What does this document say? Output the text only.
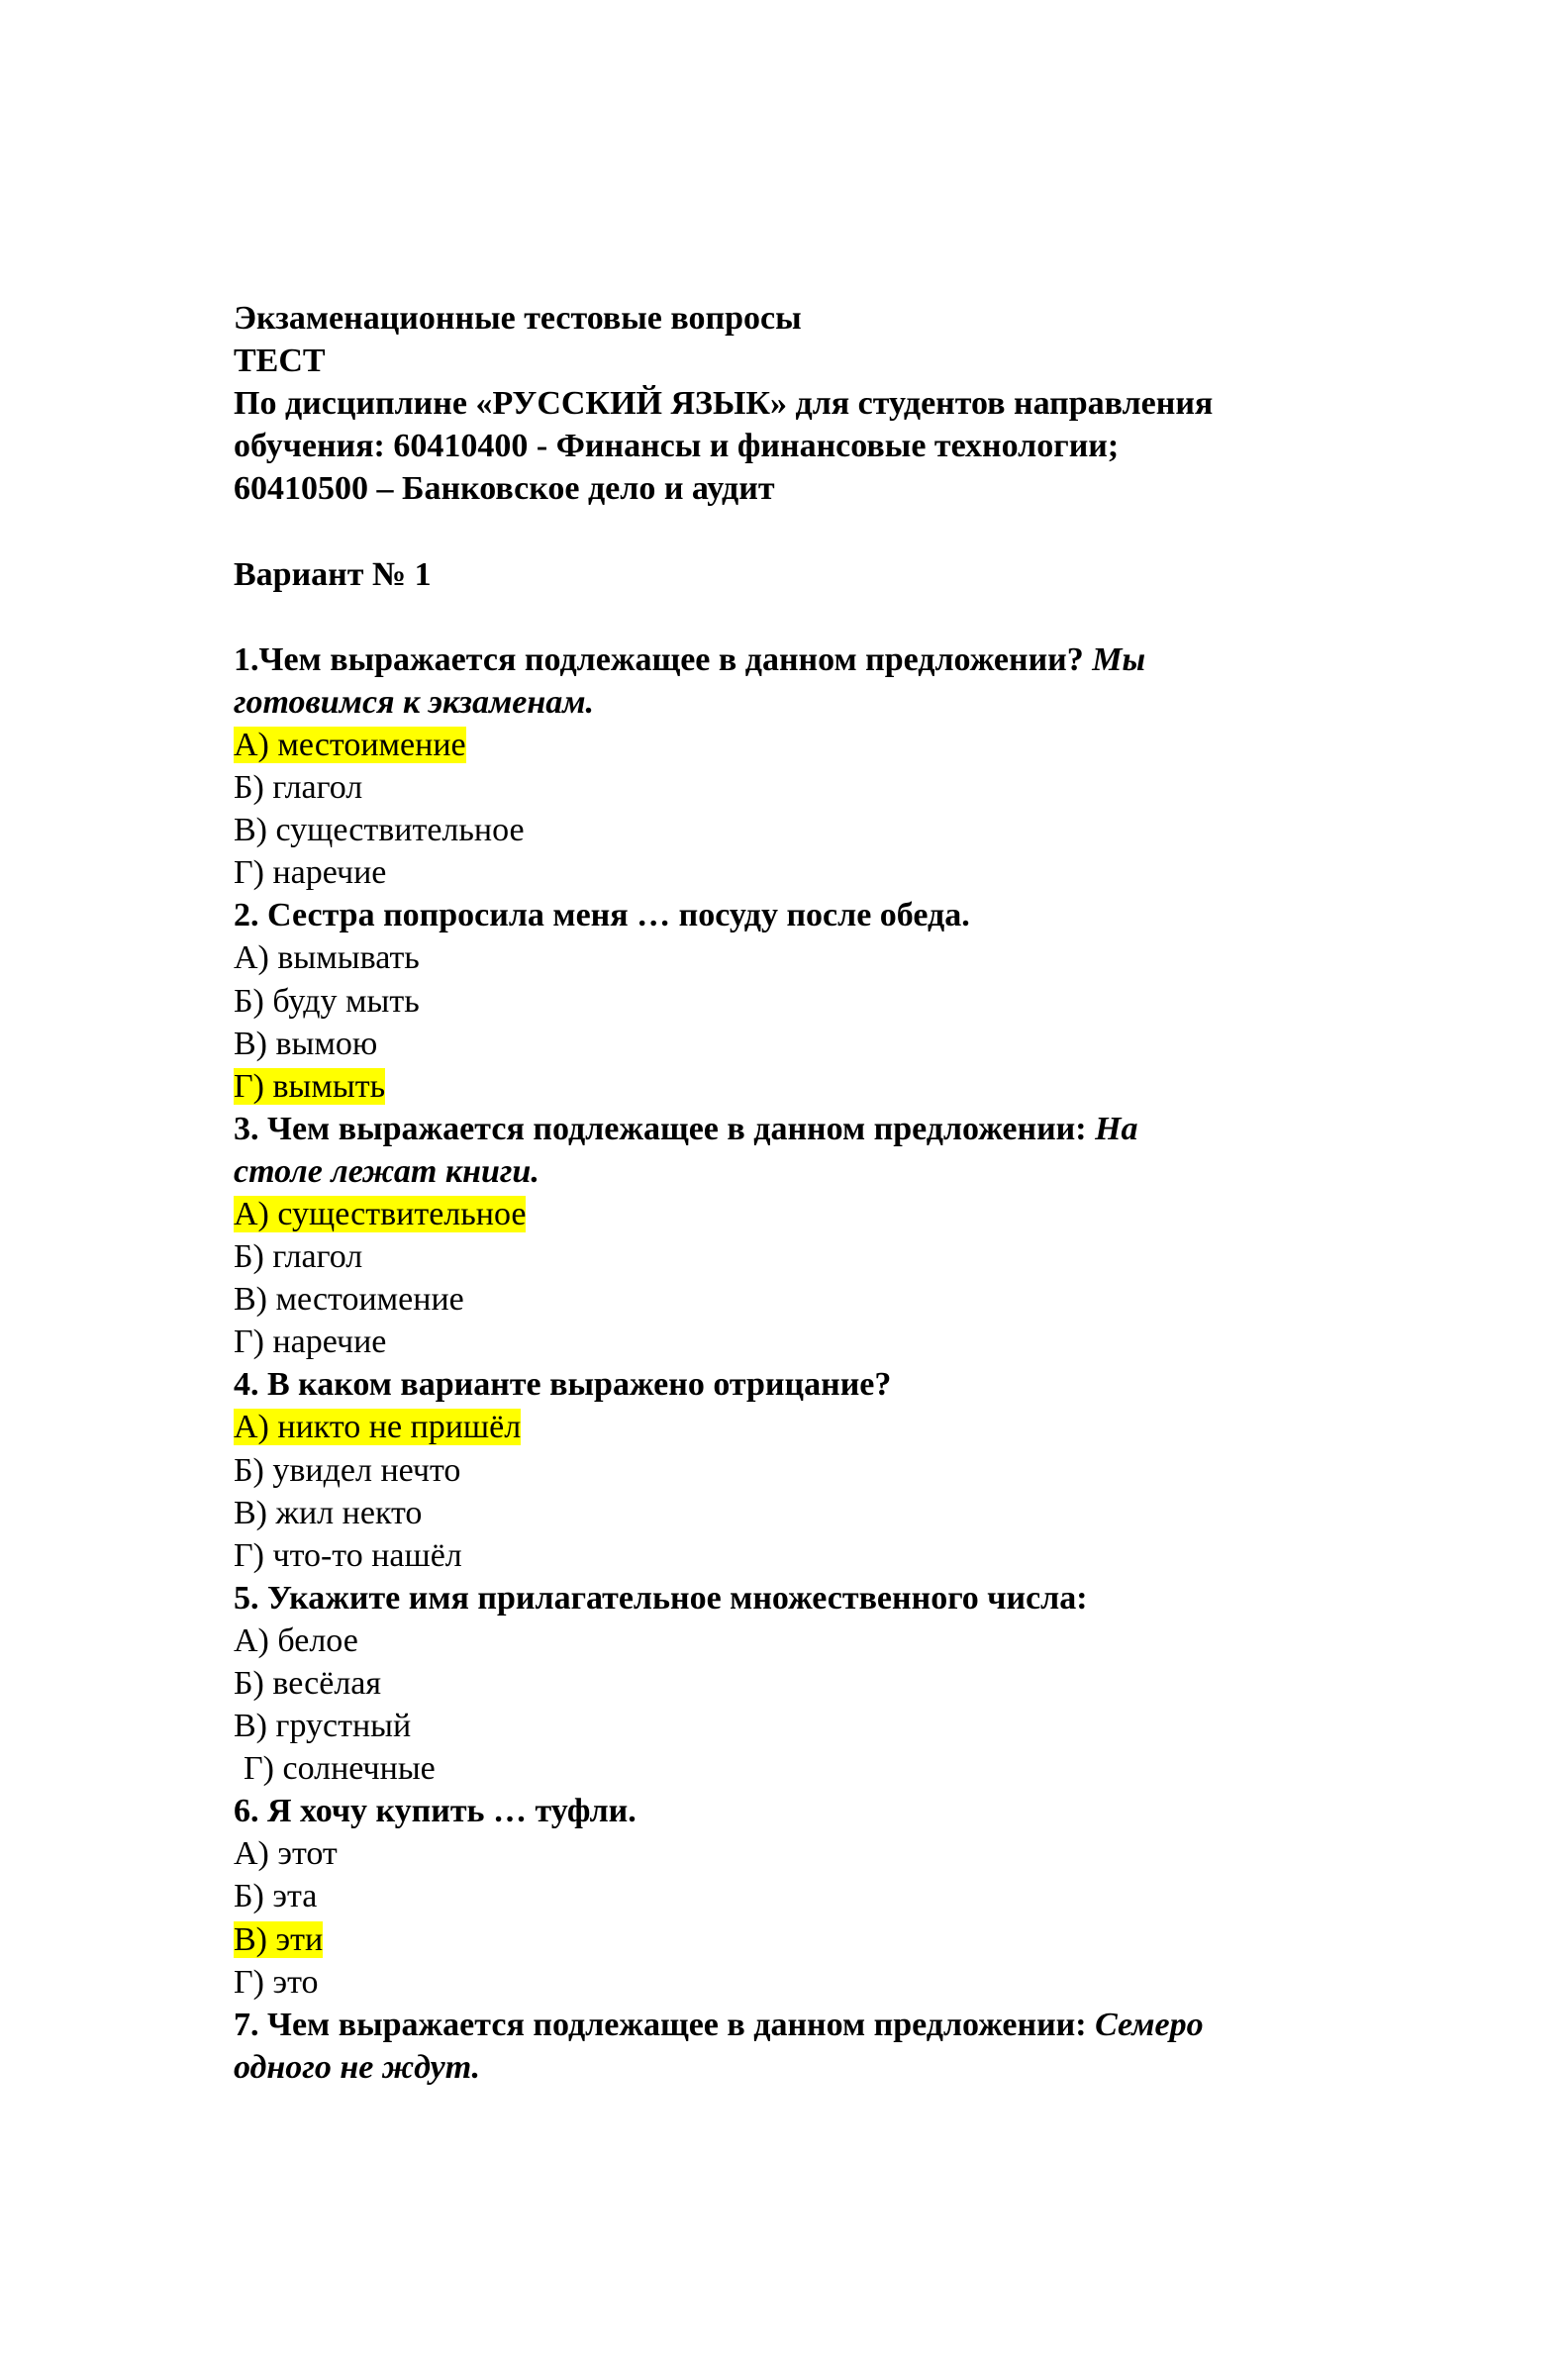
Экзаменационные тестовые вопросы
ТЕСТ
По дисциплине «РУССКИЙ ЯЗЫК» для студентов направления
обучения: 60410400 - Финансы и финансовые технологии;
60410500 – Банковское дело и аудит
Вариант № 1
1.Чем выражается подлежащее в данном предложении? Мы
готовимся к экзаменам.
А) местоимение
Б) глагол
В) существительное
Г) наречие
2. Сестра попросила меня … посуду после обеда.
А) вымывать
Б) буду мыть
В) вымою
Г) вымыть
3. Чем выражается подлежащее в данном предложении: На
столе лежат книги.
А) существительное
Б) глагол
В) местоимение
Г) наречие
4. В каком варианте выражено отрицание?
А) никто не пришёл
Б) увидел нечто
В) жил некто
Г) что-то нашёл
5. Укажите имя прилагательное множественного числа:
А) белое
Б) весёлая
В) грустный
Г) солнечные
6. Я хочу купить … туфли.
А) этот
Б) эта
В) эти
Г) это
7. Чем выражается подлежащее в данном предложении: Семеро
одного не ждут.
